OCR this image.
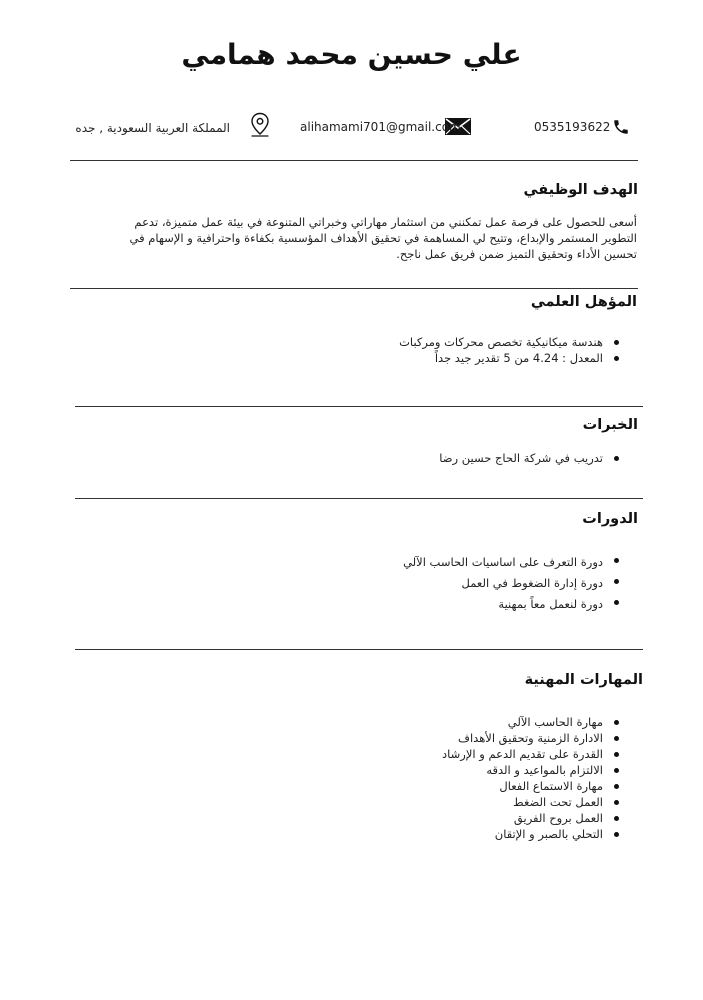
علي حسين محمد همامي
0535193622
alihamami701@gmail.com
المملكة العربية السعودية , جده
الهدف الوظيفي
أسعى للحصول على فرصة عمل تمكنني من استثمار مهاراتي وخبراتي المتنوعة في بيئة عمل متميزة، تدعم
التطوير المستمر والإبداع، وتتيح لي المساهمة في تحقيق الأهداف المؤسسية بكفاءة واحترافية و الإسهام في
تحسين الأداء وتحقيق التميز ضمن فريق عمل ناجح.
المؤهل العلمي
هندسة ميكانيكية تخصص محركات ومركبات
المعدل : 4.24 من 5 تقدير جيد جداً
الخبرات
تدريب في شركة الحاج حسين رضا
الدورات
دورة التعرف على اساسيات الحاسب الآلي
دورة إدارة الضغوط في العمل
دورة لنعمل معاً بمهنية
المهارات المهنية
مهارة الحاسب الآلي
الادارة الزمنية وتحقيق الأهداف
القدرة على تقديم الدعم و الإرشاد
الالتزام بالمواعيد و الدقه
مهارة الاستماع الفعال
العمل تحت الضغط
العمل بروح الفريق
التحلي بالصبر و الإتقان
